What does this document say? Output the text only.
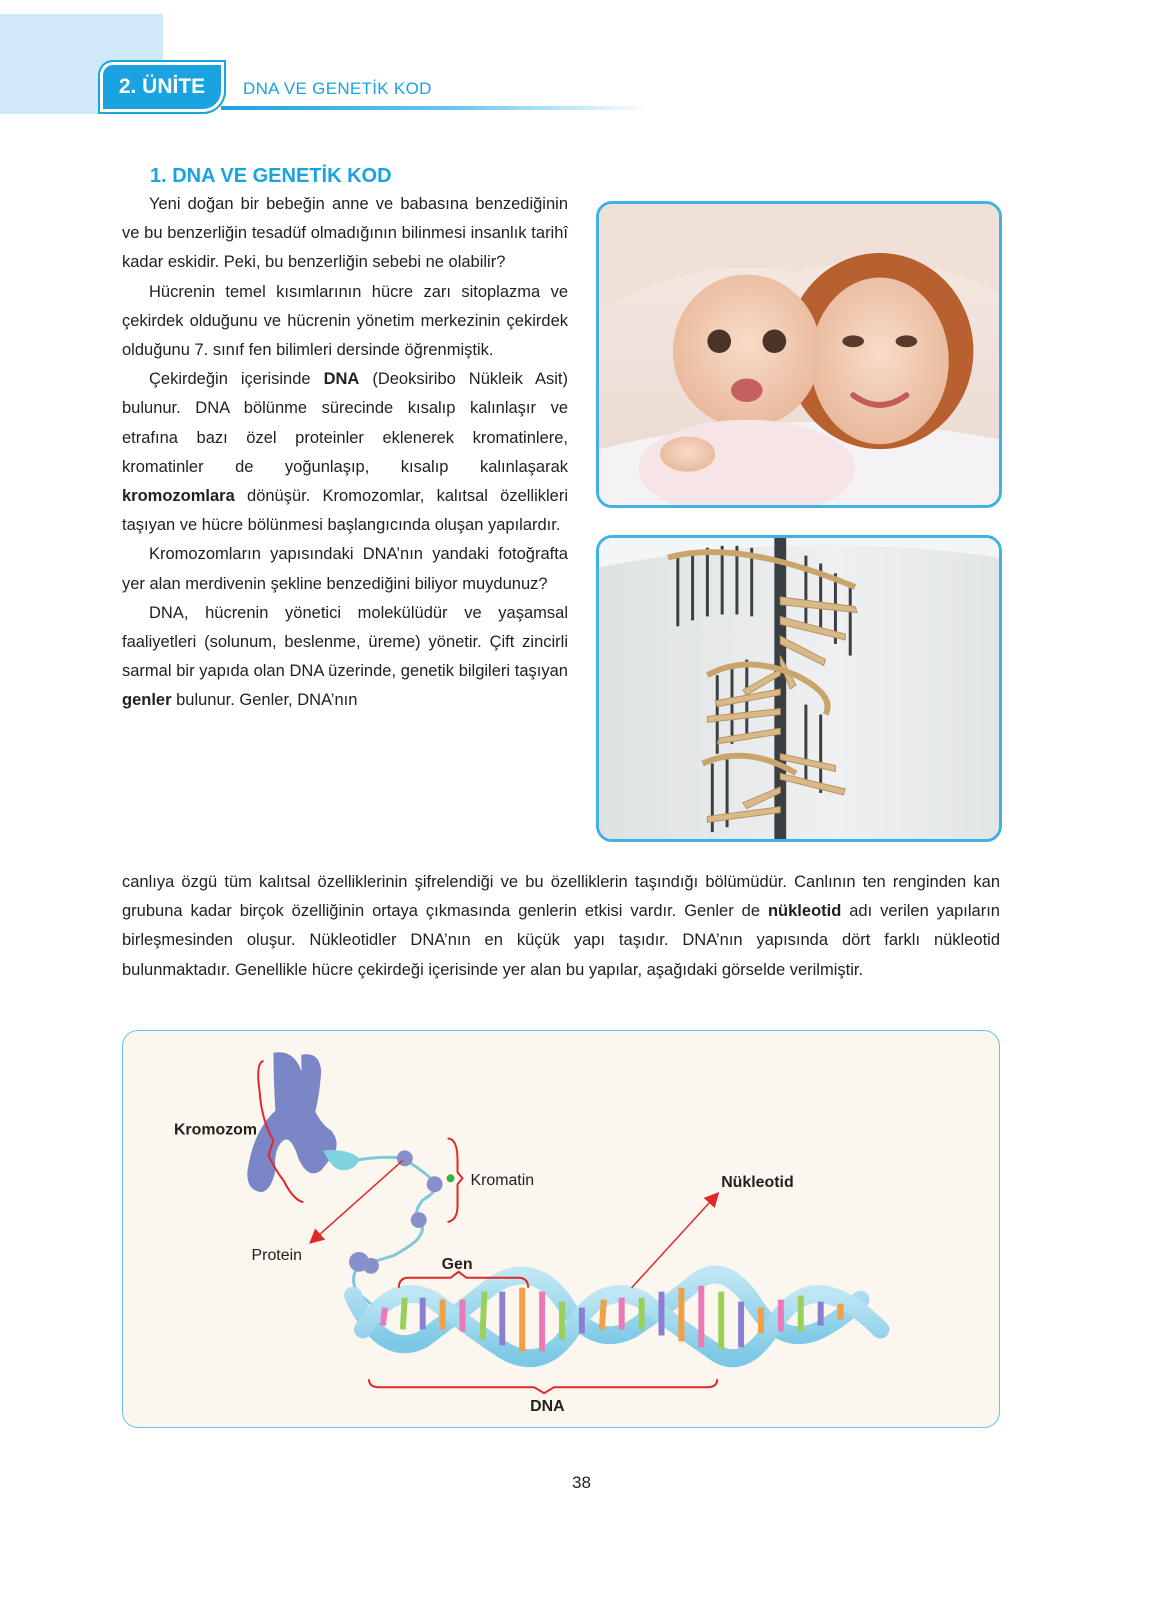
2. ÜNİTE	DNA VE GENETİK KOD
1. DNA VE GENETİK KOD

Yeni doğan bir bebeğin anne ve babasına benzediğinin ve bu benzerliğin tesadüf olmadığının bilinmesi insanlık tarihî kadar eskidir. Peki, bu benzerliğin sebebi ne olabilir?

Hücrenin temel kısımlarının hücre zarı sitoplazma ve çekirdek olduğunu ve hücrenin yönetim merkezinin çekirdek olduğunu 7. sınıf fen bilimleri dersinde öğrenmiştik.

Çekirdeğin içerisinde DNA (Deoksiribo Nükleik Asit) bulunur. DNA bölünme sürecinde kısalıp kalınlaşır ve etrafına bazı özel proteinler eklenerek kromatinlere, kromatinler de yoğunlaşıp, kısalıp kalınlaşarak kromozomlara dönüşür. Kromozomlar, kalıtsal özellikleri taşıyan ve hücre bölünmesi başlangıcında oluşan yapılardır.

Kromozomların yapısındaki DNA’nın yandaki fotoğrafta yer alan merdivenin şekline benzediğini biliyor muydunuz?

DNA, hücrenin yönetici molekülüdür ve yaşamsal faaliyetleri (solunum, beslenme, üreme) yönetir. Çift zincirli sarmal bir yapıda olan DNA üzerinde, genetik bilgileri taşıyan genler bulunur. Genler, DNA’nın

canlıya özgü tüm kalıtsal özelliklerinin şifrelendiği ve bu özelliklerin taşındığı bölümüdür. Canlının ten renginden kan grubuna kadar birçok özelliğinin ortaya çıkmasında genlerin etkisi vardır. Genler de nükleotid adı verilen yapıların birleşmesinden oluşur. Nükleotidler DNA’nın en küçük yapı taşıdır. DNA’nın yapısında dört farklı nükleotid bulunmaktadır. Genellikle hücre çekirdeği içerisinde yer alan bu yapılar, aşağıdaki görselde verilmiştir.

Kromozom
Kromatin
Protein
Gen
Nükleotid
DNA
38
